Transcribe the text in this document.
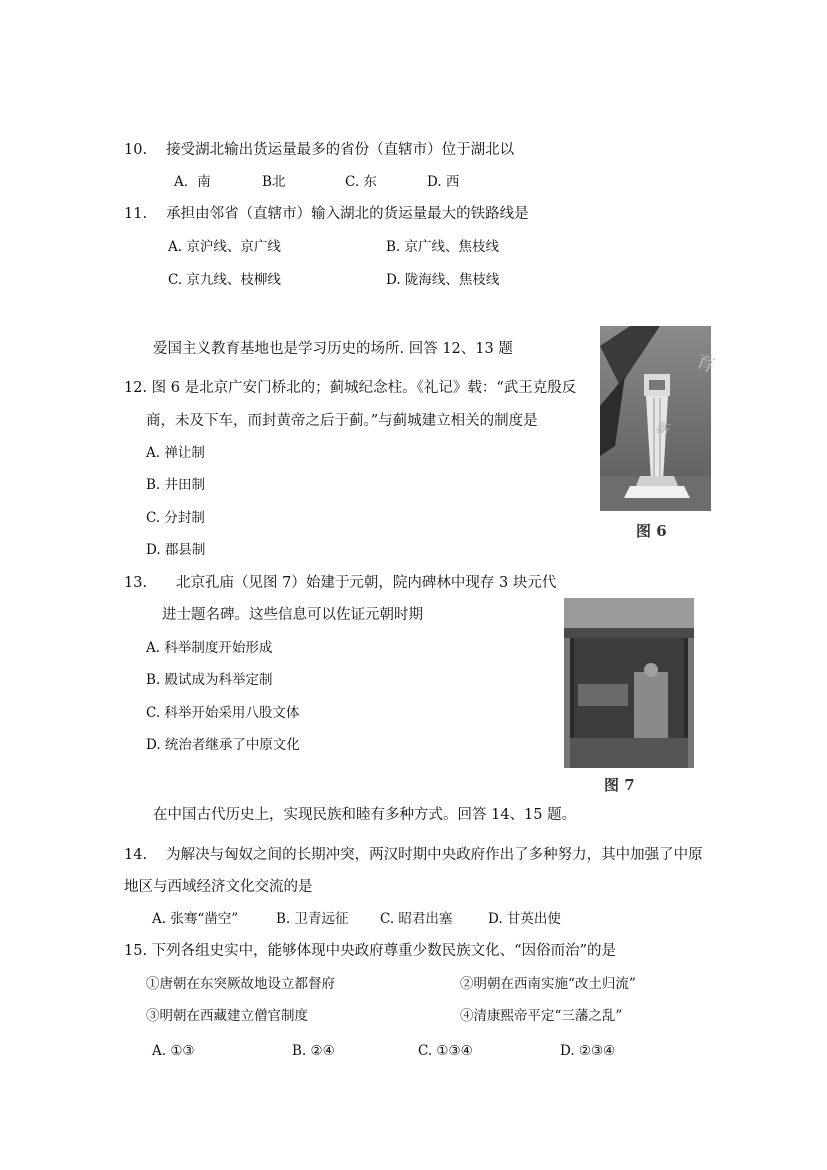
10.　 接受湖北输出货运量最多的省份（直辖市）位于湖北以
A．南	B北	C. 东	D. 西
11.　 承担由邻省（直辖市）输入湖北的货运量最大的铁路线是
A. 京沪线、京广线	B. 京广线、焦枝线
C. 京九线、枝柳线	D. 陇海线、焦枝线
爱国主义教育基地也是学习历史的场所. 回答 12、13 题
12. 图 6 是北京广安门桥北的；蓟城纪念柱。《礼记》载：“武王克殷反
商，未及下车，而封黄帝之后于蓟。”与蓟城建立相关的制度是
A. 禅让制
B. 井田制
C. 分封制
D. 郡县制
育
新
图 6
13.　　北京孔庙（见图 7）始建于元朝，院内碑林中现存 3 块元代
进士题名碑。这些信息可以佐证元朝时期
A. 科举制度开始形成
B. 殿试成为科举定制
C. 科举开始采用八股文体
D. 统治者继承了中原文化
图 7
在中国古代历史上，实现民族和睦有多种方式。回答 14、15 题。
14.　 为解决与匈奴之间的长期冲突，两汉时期中央政府作出了多种努力，其中加强了中原
地区与西域经济文化交流的是
A. 张骞“凿空”	B. 卫青远征 C. 昭君出塞	D. 甘英出使
15. 下列各组史实中，能够体现中央政府尊重少数民族文化、“因俗而治”的是
①唐朝在东突厥故地设立都督府	②明朝在西南实施“改土归流”
③明朝在西藏建立僧官制度	④清康熙帝平定“三藩之乱”
A. ①③	B. ②④	C. ①③④	D. ②③④
